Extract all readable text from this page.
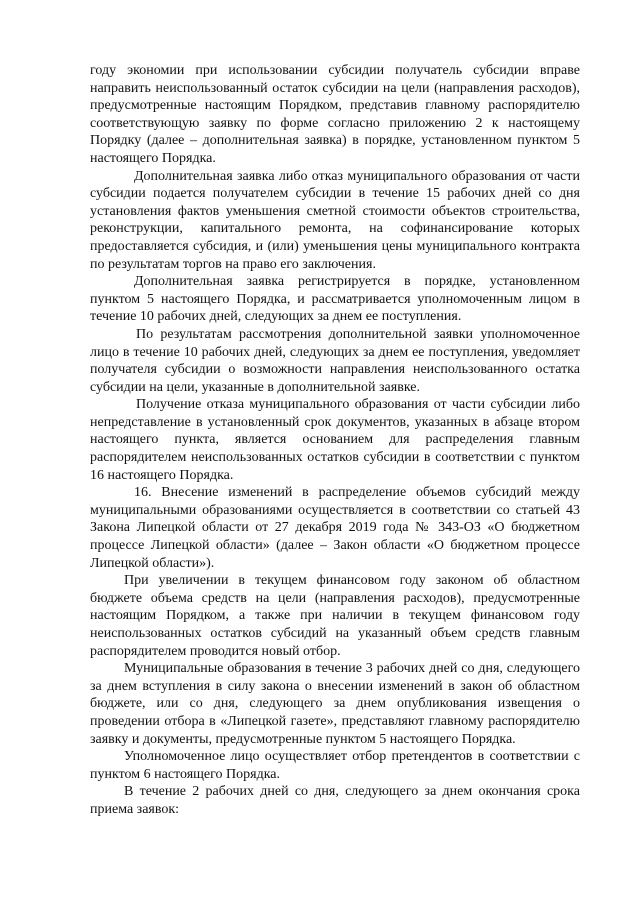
году экономии при использовании субсидии получатель субсидии вправе направить неиспользованный остаток субсидии на цели (направления расходов), предусмотренные настоящим Порядком, представив главному распорядителю соответствующую заявку по форме согласно приложению 2 к настоящему Порядку (далее – дополнительная заявка) в порядке, установленном пунктом 5 настоящего Порядка.

Дополнительная заявка либо отказ муниципального образования от части субсидии подается получателем субсидии в течение 15 рабочих дней со дня установления фактов уменьшения сметной стоимости объектов строительства, реконструкции, капитального ремонта, на софинансирование которых предоставляется субсидия, и (или) уменьшения цены муниципального контракта по результатам торгов на право его заключения.

Дополнительная заявка регистрируется в порядке, установленном пунктом 5 настоящего Порядка, и рассматривается уполномоченным лицом в течение 10 рабочих дней, следующих за днем ее поступления.

По результатам рассмотрения дополнительной заявки уполномоченное лицо в течение 10 рабочих дней, следующих за днем ее поступления, уведомляет получателя субсидии о возможности направления неиспользованного остатка субсидии на цели, указанные в дополнительной заявке.

Получение отказа муниципального образования от части субсидии либо непредставление в установленный срок документов, указанных в абзаце втором настоящего пункта, является основанием для распределения главным распорядителем неиспользованных остатков субсидии в соответствии с пунктом 16 настоящего Порядка.

16. Внесение изменений в распределение объемов субсидий между муниципальными образованиями осуществляется в соответствии со статьей 43 Закона Липецкой области от 27 декабря 2019 года № 343-ОЗ «О бюджетном процессе Липецкой области» (далее – Закон области «О бюджетном процессе Липецкой области»).

При увеличении в текущем финансовом году законом об областном бюджете объема средств на цели (направления расходов), предусмотренные настоящим Порядком, а также при наличии в текущем финансовом году неиспользованных остатков субсидий на указанный объем средств главным распорядителем проводится новый отбор.

Муниципальные образования в течение 3 рабочих дней со дня, следующего за днем вступления в силу закона о внесении изменений в закон об областном бюджете, или со дня, следующего за днем опубликования извещения о проведении отбора в «Липецкой газете», представляют главному распорядителю заявку и документы, предусмотренные пунктом 5 настоящего Порядка.

Уполномоченное лицо осуществляет отбор претендентов в соответствии с пунктом 6 настоящего Порядка.

В течение 2 рабочих дней со дня, следующего за днем окончания срока приема заявок:
